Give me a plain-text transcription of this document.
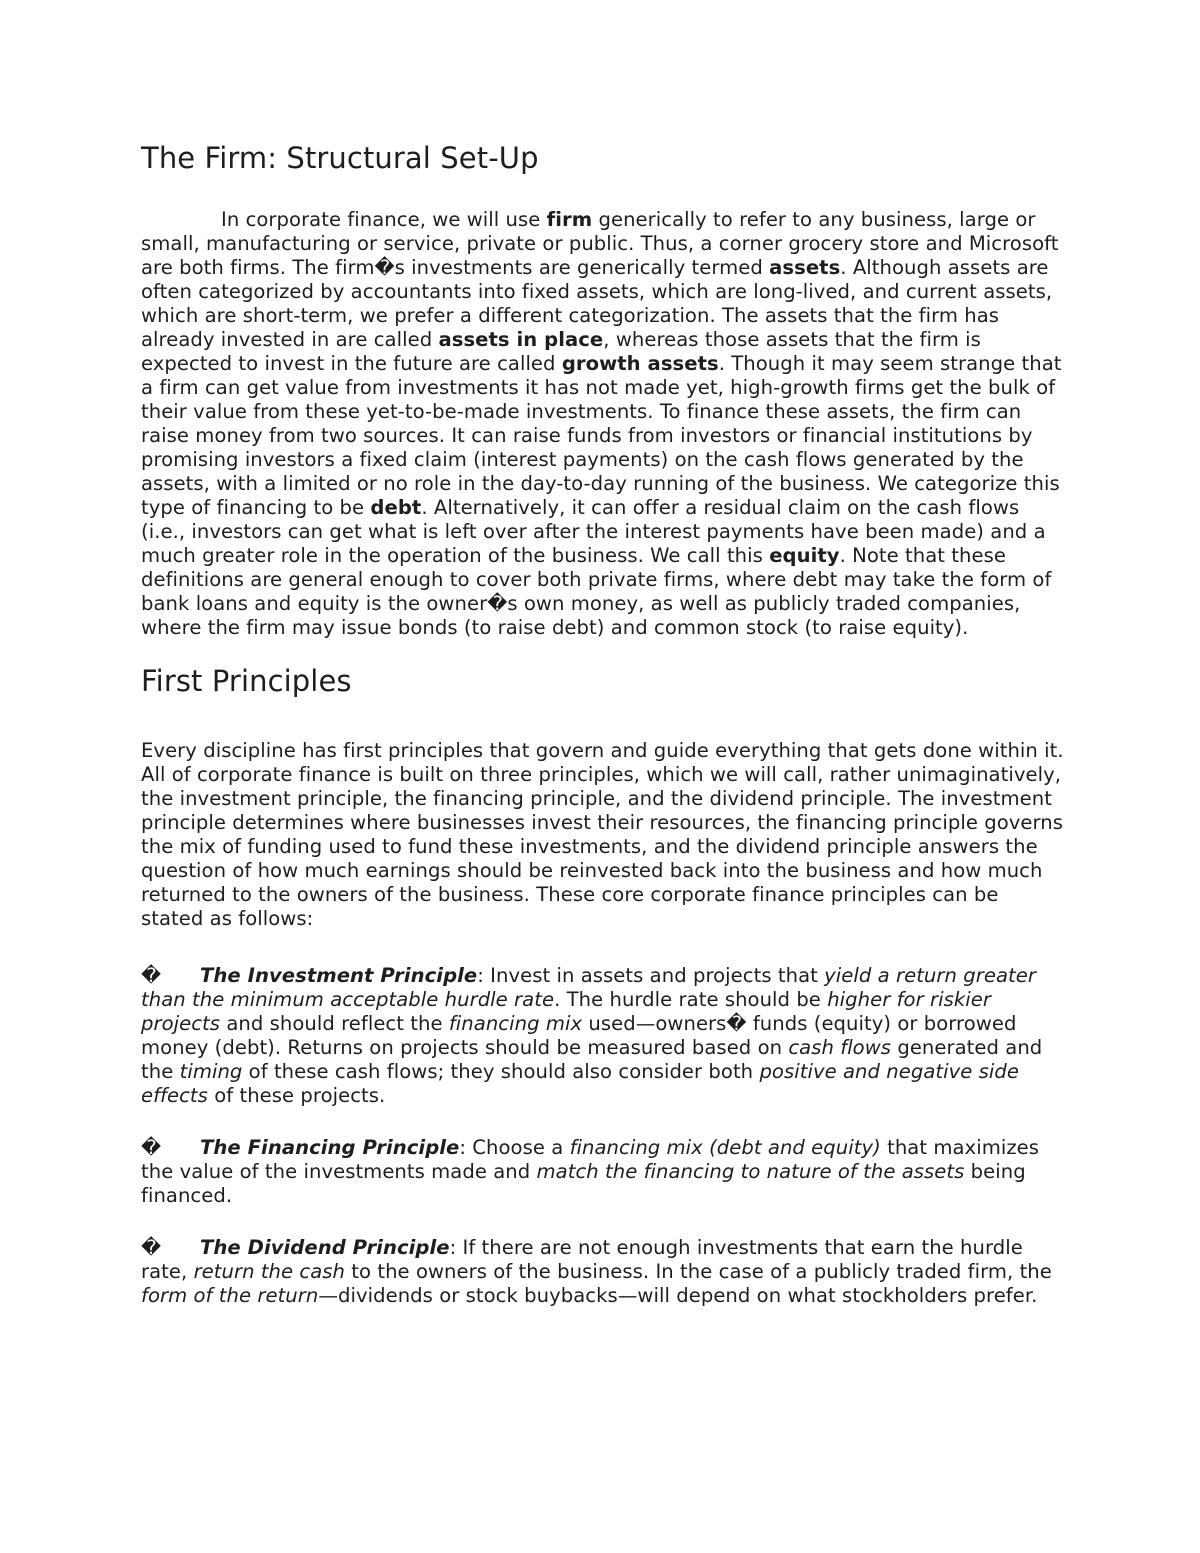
The Firm: Structural Set-Up

In corporate finance, we will use firm generically to refer to any business, large or small, manufacturing or service, private or public. Thus, a corner grocery store and Microsoft are both firms. The firm�s investments are generically termed assets. Although assets are often categorized by accountants into fixed assets, which are long-lived, and current assets, which are short-term, we prefer a different categorization. The assets that the firm has already invested in are called assets in place, whereas those assets that the firm is expected to invest in the future are called growth assets. Though it may seem strange that a firm can get value from investments it has not made yet, high-growth firms get the bulk of their value from these yet-to-be-made investments. To finance these assets, the firm can raise money from two sources. It can raise funds from investors or financial institutions by promising investors a fixed claim (interest payments) on the cash flows generated by the assets, with a limited or no role in the day-to-day running of the business. We categorize this type of financing to be debt. Alternatively, it can offer a residual claim on the cash flows (i.e., investors can get what is left over after the interest payments have been made) and a much greater role in the operation of the business. We call this equity. Note that these definitions are general enough to cover both private firms, where debt may take the form of bank loans and equity is the owner�s own money, as well as publicly traded companies, where the firm may issue bonds (to raise debt) and common stock (to raise equity).

First Principles

Every discipline has first principles that govern and guide everything that gets done within it. All of corporate finance is built on three principles, which we will call, rather unimaginatively, the investment principle, the financing principle, and the dividend principle. The investment principle determines where businesses invest their resources, the financing principle governs the mix of funding used to fund these investments, and the dividend principle answers the question of how much earnings should be reinvested back into the business and how much returned to the owners of the business. These core corporate finance principles can be stated as follows:

� The Investment Principle: Invest in assets and projects that yield a return greater than the minimum acceptable hurdle rate. The hurdle rate should be higher for riskier projects and should reflect the financing mix used—owners� funds (equity) or borrowed money (debt). Returns on projects should be measured based on cash flows generated and the timing of these cash flows; they should also consider both positive and negative side effects of these projects.

� The Financing Principle: Choose a financing mix (debt and equity) that maximizes the value of the investments made and match the financing to nature of the assets being financed.

� The Dividend Principle: If there are not enough investments that earn the hurdle rate, return the cash to the owners of the business. In the case of a publicly traded firm, the form of the return—dividends or stock buybacks—will depend on what stockholders prefer.
